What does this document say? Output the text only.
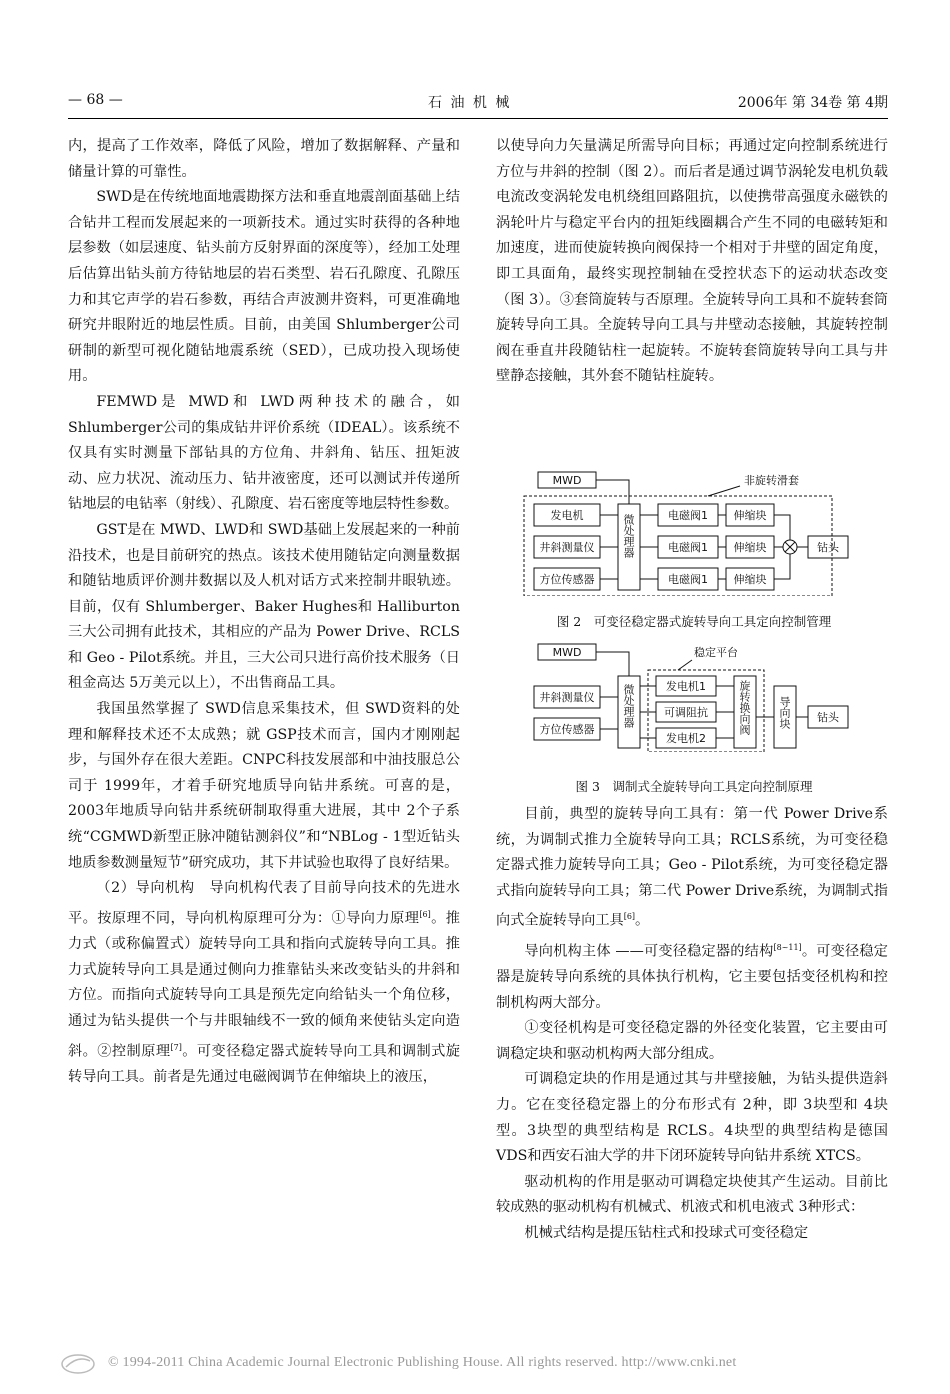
— 68 —	石 油 机 械	2006年 第 34卷 第 4期

内，提高了工作效率，降低了风险，增加了数据解释、产量和储量计算的可靠性。

SWD是在传统地面地震勘探方法和垂直地震剖面基础上结合钻井工程而发展起来的一项新技术。通过实时获得的各种地层参数（如层速度、钻头前方反射界面的深度等），经加工处理后估算出钻头前方待钻地层的岩石类型、岩石孔隙度、孔隙压力和其它声学的岩石参数，再结合声波测井资料，可更准确地研究井眼附近的地层性质。目前，由美国 Shlumberger公司研制的新型可视化随钻地震系统（SED），已成功投入现场使用。

FEMWD是 MWD和 LWD两种技术的融合，如 Shlumberger公司的集成钻井评价系统（IDEAL）。该系统不仅具有实时测量下部钻具的方位角、井斜角、钻压、扭矩波动、应力状况、流动压力、钻井液密度，还可以测试并传递所钻地层的电钻率（射线）、孔隙度、岩石密度等地层特性参数。

GST是在 MWD、LWD和 SWD基础上发展起来的一种前沿技术，也是目前研究的热点。该技术使用随钻定向测量数据和随钻地质评价测井数据以及人机对话方式来控制井眼轨迹。目前，仅有 Shlumberger、Baker Hughes和 Halliburton三大公司拥有此技术，其相应的产品为 Power Drive、RCLS和 Geo - Pilot系统。并且，三大公司只进行高价技术服务（日租金高达 5万美元以上），不出售商品工具。

我国虽然掌握了 SWD信息采集技术，但 SWD资料的处理和解释技术还不太成熟；就 GSP技术而言，国内才刚刚起步，与国外存在很大差距。CNPC科技发展部和中油技服总公司于 1999年，才着手研究地质导向钻井系统。可喜的是，2003年地质导向钻井系统研制取得重大进展，其中 2个子系统“CGMWD新型正脉冲随钻测斜仪”和“NBLog - 1型近钻头地质参数测量短节”研究成功，其下井试验也取得了良好结果。

（2）导向机构　导向机构代表了目前导向技术的先进水平。按原理不同，导向机构原理可分为：①导向力原理[6]。推力式（或称偏置式）旋转导向工具和指向式旋转导向工具。推力式旋转导向工具是通过侧向力推靠钻头来改变钻头的井斜和方位。而指向式旋转导向工具是预先定向给钻头一个角位移，通过为钻头提供一个与井眼轴线不一致的倾角来使钻头定向造斜。②控制原理[7]。可变径稳定器式旋转导向工具和调制式旋转导向工具。前者是先通过电磁阀调节在伸缩块上的液压，

以使导向力矢量满足所需导向目标；再通过定向控制系统进行方位与井斜的控制（图 2）。而后者是通过调节涡轮发电机负载电流改变涡轮发电机绕组回路阻抗，以使携带高强度永磁铁的涡轮叶片与稳定平台内的扭矩线圈耦合产生不同的电磁转矩和加速度，进而使旋转换向阀保持一个相对于井壁的固定角度，即工具面角，最终实现控制轴在受控状态下的运动状态改变（图 3）。③套筒旋转与否原理。全旋转导向工具和不旋转套筒旋转导向工具。全旋转导向工具与井壁动态接触，其旋转控制阀在垂直井段随钻柱一起旋转。不旋转套筒旋转导向工具与井壁静态接触，其外套不随钻柱旋转。

MWD	非旋转滑套
发电机
井斜测量仪
方位传感器
微处理器	电磁阀1
电磁阀1
电磁阀1
伸缩块
伸缩块
伸缩块
钻头
图 2　可变径稳定器式旋转导向工具定向控制管理
MWD	稳定平台
井斜测量仪
方位传感器
微处理器	发电机1
可调阻抗
发电机2
旋转换向阀 导向块 钻头
图 3　调制式全旋转导向工具定向控制原理

目前，典型的旋转导向工具有：第一代 Power Drive系统，为调制式推力全旋转导向工具；RCLS系统，为可变径稳定器式推力旋转导向工具；Geo - Pilot系统，为可变径稳定器式指向旋转导向工具；第二代 Power Drive系统，为调制式指向式全旋转导向工具[6]。

导向机构主体 ——可变径稳定器的结构[8~11]。可变径稳定器是旋转导向系统的具体执行机构，它主要包括变径机构和控制机构两大部分。

①变径机构是可变径稳定器的外径变化装置，它主要由可调稳定块和驱动机构两大部分组成。

可调稳定块的作用是通过其与井壁接触，为钻头提供造斜力。它在变径稳定器上的分布形式有 2种，即 3块型和 4块型。3块型的典型结构是 RCLS。4块型的典型结构是德国 VDS和西安石油大学的井下闭环旋转导向钻井系统 XTCS。

驱动机构的作用是驱动可调稳定块使其产生运动。目前比较成熟的驱动机构有机械式、机液式和机电液式 3种形式：

机械式结构是提压钻柱式和投球式可变径稳定

© 1994-2011 China Academic Journal Electronic Publishing House. All rights reserved. http://www.cnki.net
